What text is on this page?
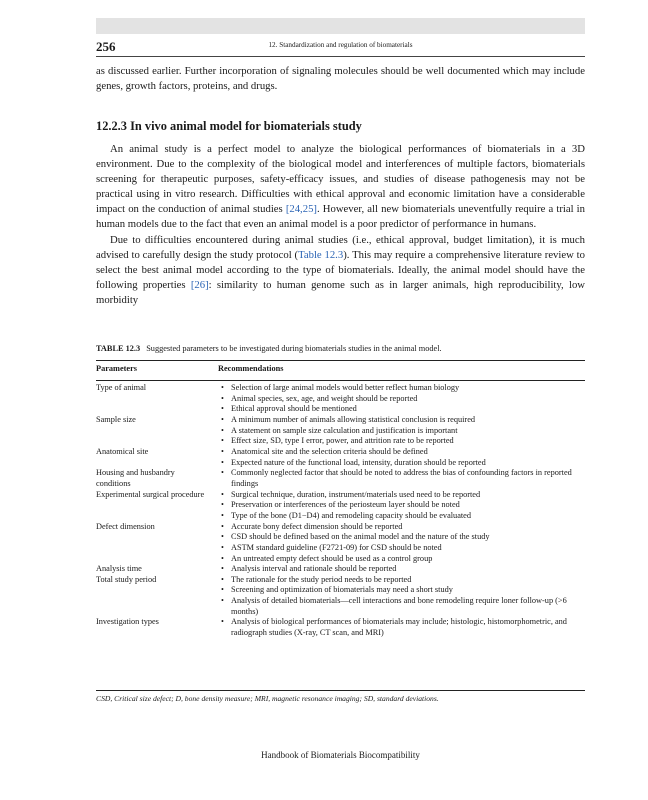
256	12. Standardization and regulation of biomaterials

as discussed earlier. Further incorporation of signaling molecules should be well documented which may include genes, growth factors, proteins, and drugs.

12.2.3 In vivo animal model for biomaterials study

An animal study is a perfect model to analyze the biological performances of biomaterials in a 3D environment. Due to the complexity of the biological model and interferences of multiple factors, biomaterials screening for therapeutic purposes, safety-efficacy issues, and studies of disease pathogenesis may not be practical using in vitro research. Difficulties with ethical approval and economic limitation have a considerable impact on the conduction of animal studies [24,25]. However, all new biomaterials uneventfully require a trial in human models due to the fact that even an animal model is a poor predictor of performance in humans.

Due to difficulties encountered during animal studies (i.e., ethical approval, budget limitation), it is much advised to carefully design the study protocol (Table 12.3). This may require a comprehensive literature review to select the best animal model according to the type of biomaterials. Ideally, the animal model should have the following properties [26]: similarity to human genome such as in larger animals, high reproducibility, low morbidity

TABLE 12.3 Suggested parameters to be investigated during biomaterials studies in the animal model.
Parameters	Recommendations
Type of animal	• Selection of large animal models would better reflect human biology
• Animal species, sex, age, and weight should be reported
• Ethical approval should be mentioned
Sample size	• A minimum number of animals allowing statistical conclusion is required
• A statement on sample size calculation and justification is important
• Effect size, SD, type I error, power, and attrition rate to be reported
Anatomical site	• Anatomical site and the selection criteria should be defined
• Expected nature of the functional load, intensity, duration should be reported
Housing and husbandry conditions
• Commonly neglected factor that should be noted to address the bias of confounding factors in reported findings
Experimental surgical procedure	• Surgical technique, duration, instrument/materials used need to be reported
• Preservation or interferences of the periosteum layer should be noted
• Type of the bone (D1−D4) and remodeling capacity should be evaluated
Defect dimension	• Accurate bony defect dimension should be reported
• CSD should be defined based on the animal model and the nature of the study
• ASTM standard guideline (F2721-09) for CSD should be noted
• An untreated empty defect should be used as a control group
Analysis time	• Analysis interval and rationale should be reported
Total study period	• The rationale for the study period needs to be reported
• Screening and optimization of biomaterials may need a short study
• Analysis of detailed biomaterials—cell interactions and bone remodeling require loner follow-up (>6 months)
Investigation types	• Analysis of biological performances of biomaterials may include; histologic, histomorphometric, and radiograph studies (X-ray, CT scan, and MRI)
CSD, Critical size defect; D, bone density measure; MRI, magnetic resonance imaging; SD, standard deviations.
Handbook of Biomaterials Biocompatibility
